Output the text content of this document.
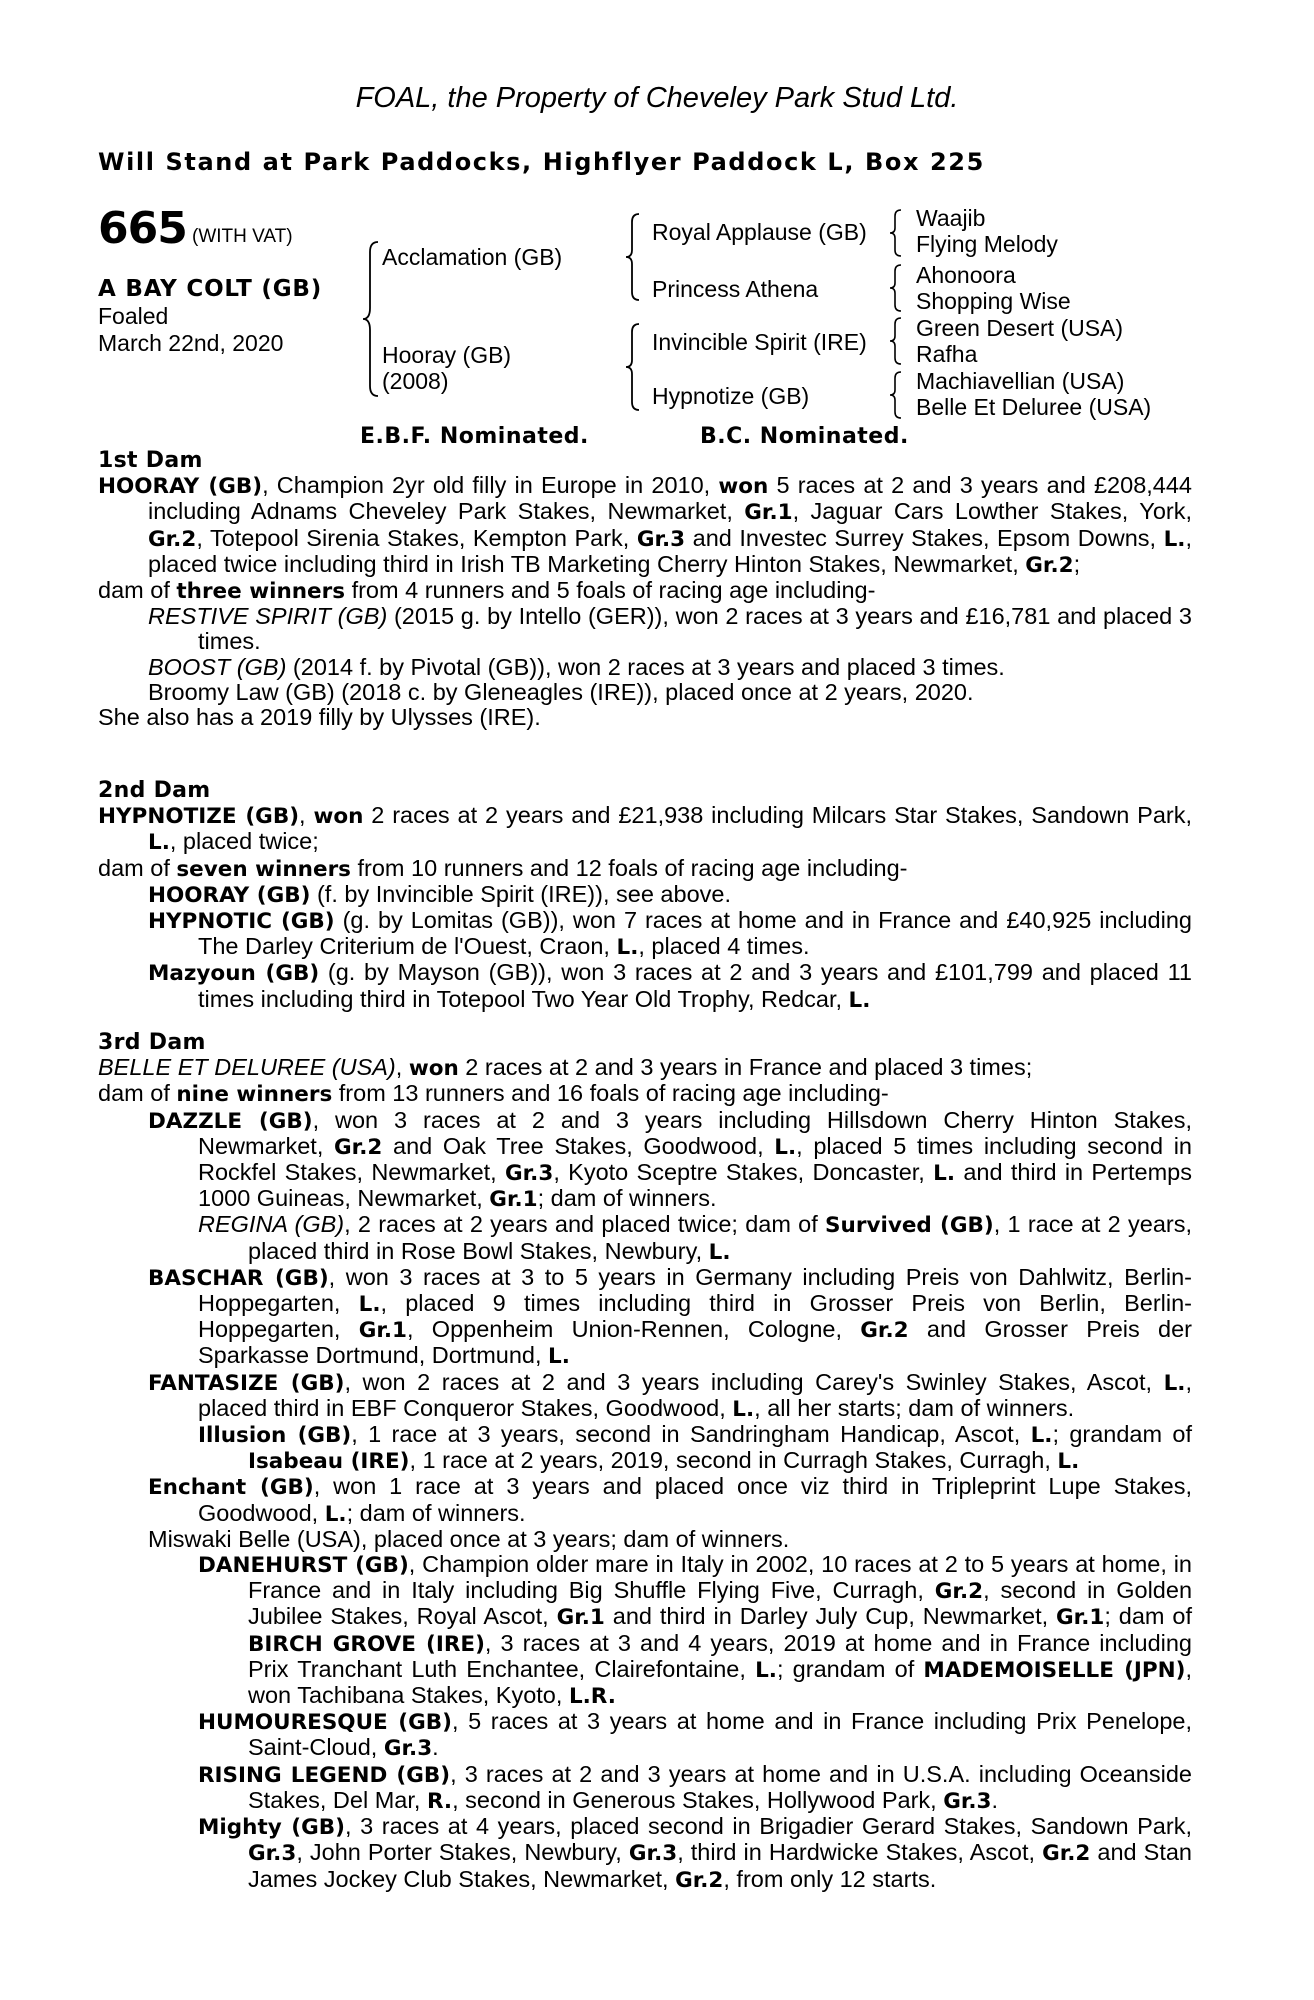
FOAL, the Property of Cheveley Park Stud Ltd.
Will Stand at Park Paddocks, Highflyer Paddock L, Box 225
665 (WITH VAT)
A BAY COLT (GB)
Foaled
March 22nd, 2020
Acclamation (GB)
Hooray (GB)
(2008)
Royal Applause (GB)
Princess Athena
Invincible Spirit (IRE)
Hypnotize (GB)
Waajib
Flying Melody
Ahonoora
Shopping Wise
Green Desert (USA)
Rafha
Machiavellian (USA)
Belle Et Deluree (USA)
E.B.F. Nominated.	B.C. Nominated.

1st Dam

HOORAY (GB), Champion 2yr old filly in Europe in 2010, won 5 races at 2 and 3 years and £208,444 including Adnams Cheveley Park Stakes, Newmarket, Gr.1, Jaguar Cars Lowther Stakes, York, Gr.2, Totepool Sirenia Stakes, Kempton Park, Gr.3 and Investec Surrey Stakes, Epsom Downs, L., placed twice including third in Irish TB Marketing Cherry Hinton Stakes, Newmarket, Gr.2;

dam of three winners from 4 runners and 5 foals of racing age including-

RESTIVE SPIRIT (GB) (2015 g. by Intello (GER)), won 2 races at 3 years and £16,781 and placed 3 times.

BOOST (GB) (2014 f. by Pivotal (GB)), won 2 races at 3 years and placed 3 times.

Broomy Law (GB) (2018 c. by Gleneagles (IRE)), placed once at 2 years, 2020.

She also has a 2019 filly by Ulysses (IRE).

2nd Dam

HYPNOTIZE (GB), won 2 races at 2 years and £21,938 including Milcars Star Stakes, Sandown Park, L., placed twice;

dam of seven winners from 10 runners and 12 foals of racing age including-

HOORAY (GB) (f. by Invincible Spirit (IRE)), see above.

HYPNOTIC (GB) (g. by Lomitas (GB)), won 7 races at home and in France and £40,925 including The Darley Criterium de l'Ouest, Craon, L., placed 4 times.

Mazyoun (GB) (g. by Mayson (GB)), won 3 races at 2 and 3 years and £101,799 and placed 11 times including third in Totepool Two Year Old Trophy, Redcar, L.

3rd Dam

BELLE ET DELUREE (USA), won 2 races at 2 and 3 years in France and placed 3 times;

dam of nine winners from 13 runners and 16 foals of racing age including-

DAZZLE (GB), won 3 races at 2 and 3 years including Hillsdown Cherry Hinton Stakes, Newmarket, Gr.2 and Oak Tree Stakes, Goodwood, L., placed 5 times including second in Rockfel Stakes, Newmarket, Gr.3, Kyoto Sceptre Stakes, Doncaster, L. and third in Pertemps 1000 Guineas, Newmarket, Gr.1; dam of winners.

REGINA (GB), 2 races at 2 years and placed twice; dam of Survived (GB), 1 race at 2 years, placed third in Rose Bowl Stakes, Newbury, L.

BASCHAR (GB), won 3 races at 3 to 5 years in Germany including Preis von Dahlwitz, Berlin-Hoppegarten, L., placed 9 times including third in Grosser Preis von Berlin, Berlin-Hoppegarten, Gr.1, Oppenheim Union-Rennen, Cologne, Gr.2 and Grosser Preis der Sparkasse Dortmund, Dortmund, L.

FANTASIZE (GB), won 2 races at 2 and 3 years including Carey's Swinley Stakes, Ascot, L., placed third in EBF Conqueror Stakes, Goodwood, L., all her starts; dam of winners.

Illusion (GB), 1 race at 3 years, second in Sandringham Handicap, Ascot, L.; grandam of Isabeau (IRE), 1 race at 2 years, 2019, second in Curragh Stakes, Curragh, L.

Enchant (GB), won 1 race at 3 years and placed once viz third in Tripleprint Lupe Stakes, Goodwood, L.; dam of winners.

Miswaki Belle (USA), placed once at 3 years; dam of winners.

DANEHURST (GB), Champion older mare in Italy in 2002, 10 races at 2 to 5 years at home, in France and in Italy including Big Shuffle Flying Five, Curragh, Gr.2, second in Golden Jubilee Stakes, Royal Ascot, Gr.1 and third in Darley July Cup, Newmarket, Gr.1; dam of BIRCH GROVE (IRE), 3 races at 3 and 4 years, 2019 at home and in France including Prix Tranchant Luth Enchantee, Clairefontaine, L.; grandam of MADEMOISELLE (JPN), won Tachibana Stakes, Kyoto, L.R.

HUMOURESQUE (GB), 5 races at 3 years at home and in France including Prix Penelope, Saint-Cloud, Gr.3.

RISING LEGEND (GB), 3 races at 2 and 3 years at home and in U.S.A. including Oceanside Stakes, Del Mar, R., second in Generous Stakes, Hollywood Park, Gr.3.

Mighty (GB), 3 races at 4 years, placed second in Brigadier Gerard Stakes, Sandown Park, Gr.3, John Porter Stakes, Newbury, Gr.3, third in Hardwicke Stakes, Ascot, Gr.2 and Stan James Jockey Club Stakes, Newmarket, Gr.2, from only 12 starts.
